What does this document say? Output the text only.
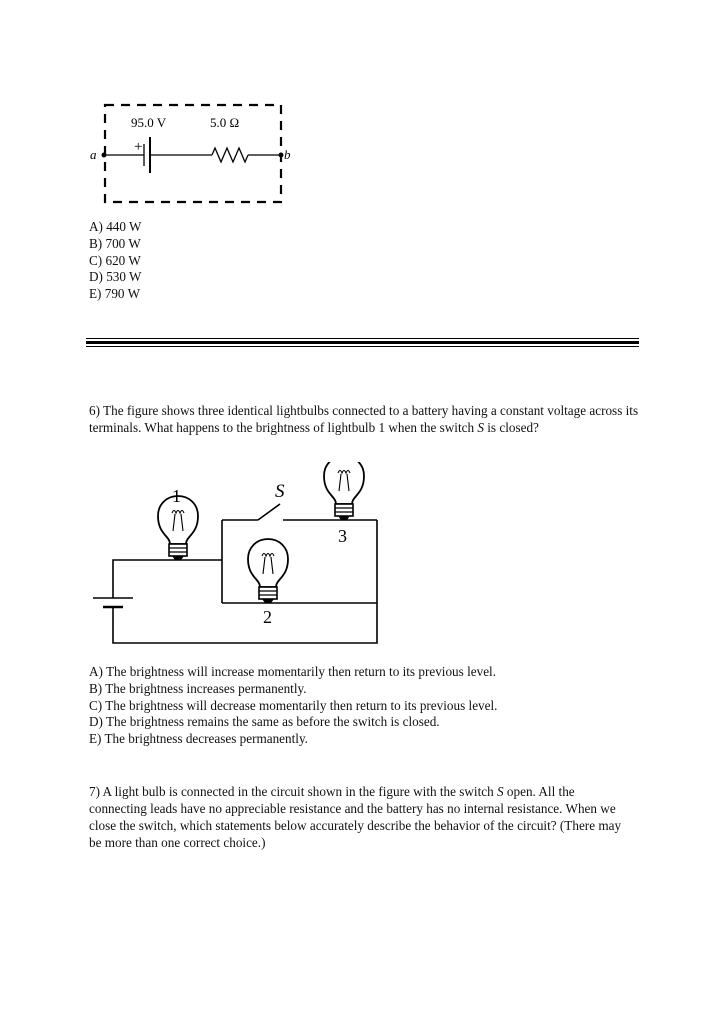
95.0 V	5.0 Ω
a	b
+
A) 440 W
B) 700 W
C) 620 W
D) 530 W
E) 790 W
6) The figure shows three identical lightbulbs connected to a battery having a constant voltage across its terminals. What happens to the brightness of lightbulb 1 when the switch S is closed?
1
2
3
S
A) The brightness will increase momentarily then return to its previous level.
B) The brightness increases permanently.
C) The brightness will decrease momentarily then return to its previous level.
D) The brightness remains the same as before the switch is closed.
E) The brightness decreases permanently.
7) A light bulb is connected in the circuit shown in the figure with the switch S open. All the connecting leads have no appreciable resistance and the battery has no internal resistance. When we close the switch, which statements below accurately describe the behavior of the circuit? (There may be more than one correct choice.)
